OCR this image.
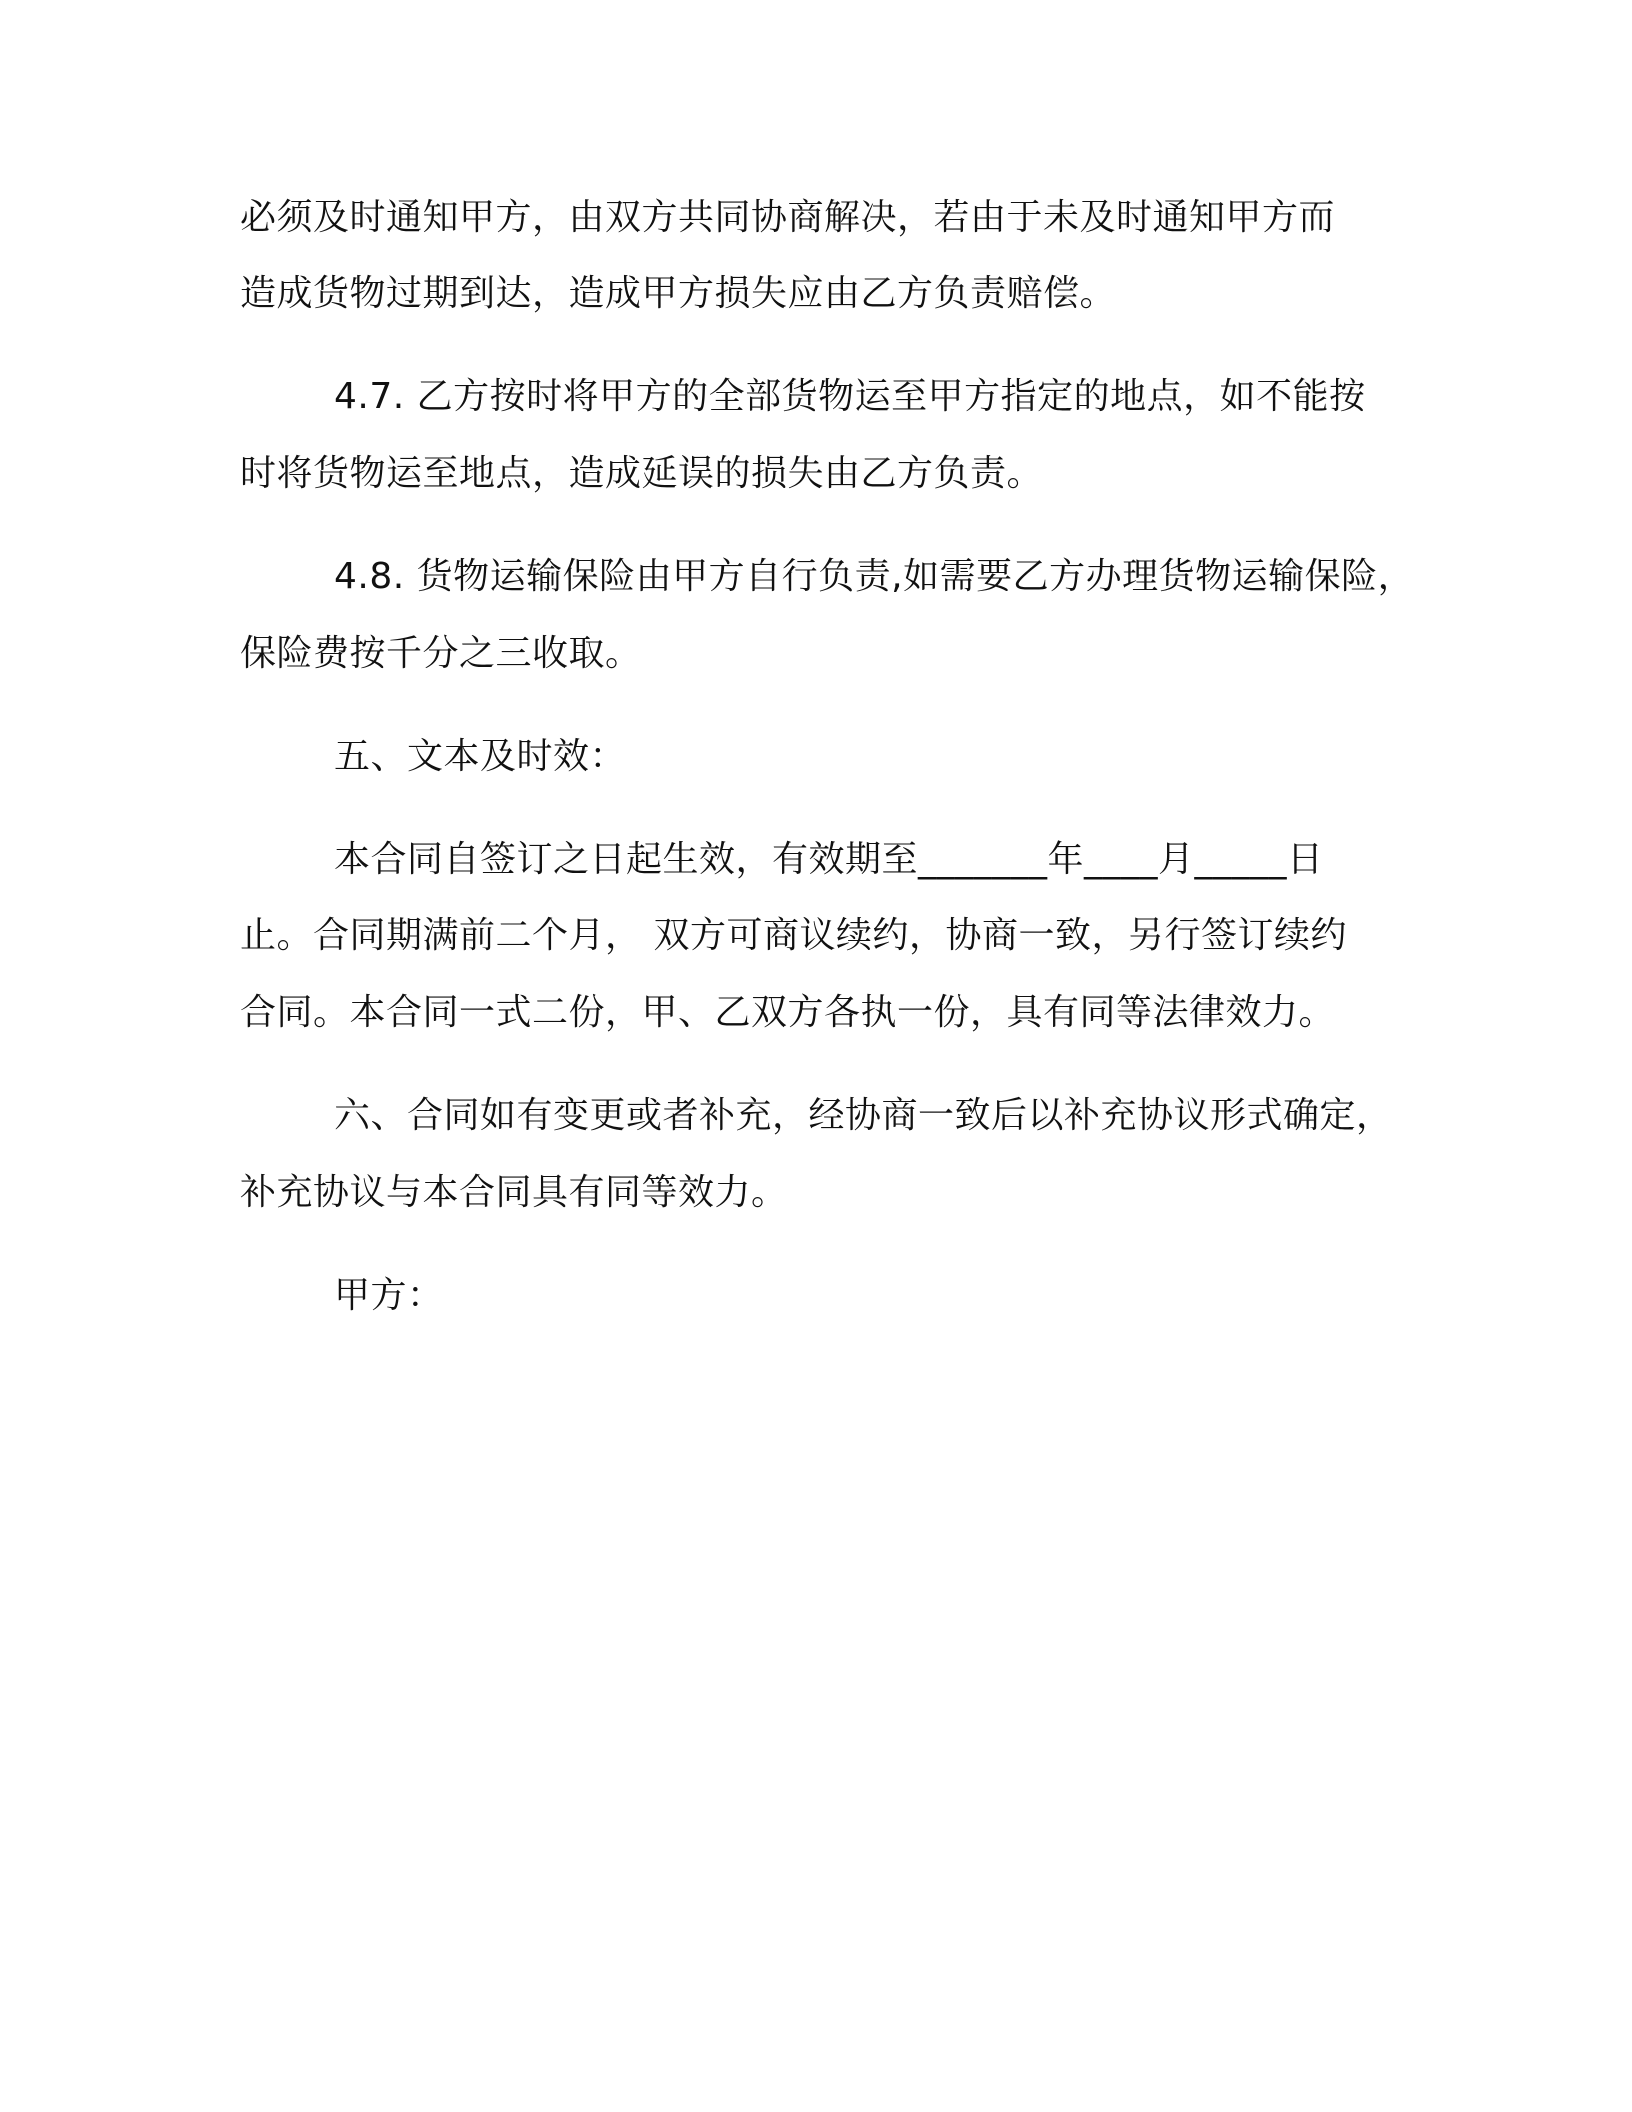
必须及时通知甲方，由双方共同协商解决，若由于未及时通知甲方而

造成货物过期到达，造成甲方损失应由乙方负责赔偿。

4.7. 乙方按时将甲方的全部货物运至甲方指定的地点，如不能按

时将货物运至地点，造成延误的损失由乙方负责。

4.8. 货物运输保险由甲方自行负责,如需要乙方办理货物运输保险，

保险费按千分之三收取。

五、文本及时效：

本合同自签订之日起生效，有效期至_______年____月_____日

止。合同期满前二个月， 双方可商议续约，协商一致，另行签订续约

合同。本合同一式二份，甲、乙双方各执一份，具有同等法律效力。

六、合同如有变更或者补充，经协商一致后以补充协议形式确定，

补充协议与本合同具有同等效力。

甲方：
